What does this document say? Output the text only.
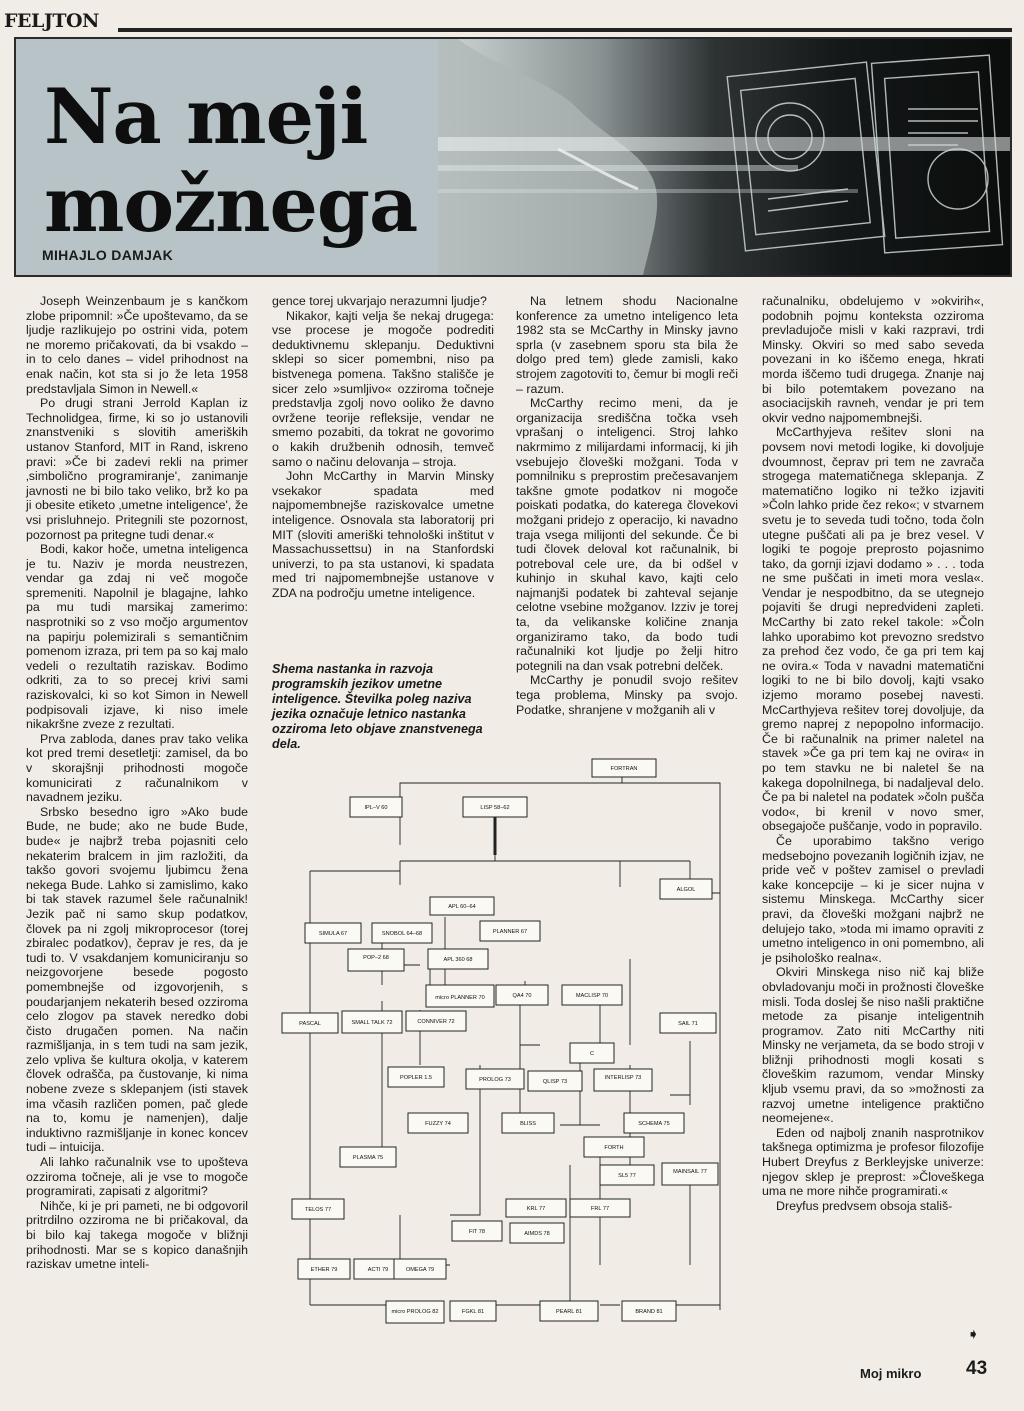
FELJTON
Na meji
možnega
MIHAJLO DAMJAK

Joseph Weinzenbaum je s kančkom zlobe pripomnil: »Če upoštevamo, da se ljudje razlikujejo po ostrini vida, potem ne moremo pričakovati, da bi vsakdo – in to celo danes – videl prihodnost na enak način, kot sta si jo že leta 1958 predstavljala Simon in Newell.«

Po drugi strani Jerrold Kaplan iz Technolidgea, firme, ki so jo ustanovili znanstveniki s slovitih ameriških ustanov Stanford, MIT in Rand, iskreno pravi: »Če bi zadevi rekli na primer ‚simbolično programiranje', zanimanje javnosti ne bi bilo tako veliko, brž ko pa ji obesite etiketo ‚umetne inteligence', že vsi prisluhnejo. Pritegnili ste pozornost, pozornost pa pritegne tudi denar.«

Bodi, kakor hoče, umetna inteligenca je tu. Naziv je morda neustrezen, vendar ga zdaj ni več mogoče spremeniti. Napolnil je blagajne, lahko pa mu tudi marsikaj zamerimo: nasprotniki so z vso močjo argumentov na papirju polemizirali s semantičnim pomenom izraza, pri tem pa so kaj malo vedeli o rezultatih raziskav. Bodimo odkriti, za to so precej krivi sami raziskovalci, ki so kot Simon in Newell podpisovali izjave, ki niso imele nikakršne zveze z rezultati.

Prva zabloda, danes prav tako velika kot pred tremi desetletji: zamisel, da bo v skorajšnji prihodnosti mogoče komunicirati z računalnikom v navadnem jeziku.

Srbsko besedno igro »Ako bude Bude, ne bude; ako ne bude Bude, bude« je najbrž treba pojasniti celo nekaterim bralcem in jim razložiti, da takšo govori svojemu ljubimcu žena nekega Bude. Lahko si zamislimo, kako bi tak stavek razumel šele računalnik! Jezik pač ni samo skup podatkov, človek pa ni zgolj mikroprocesor (torej zbiralec podatkov), čeprav je res, da je tudi to. V vsakdanjem komuniciranju so neizgovorjene besede pogosto pomembnejše od izgovorjenih, s poudarjanjem nekaterih besed ozziroma celo zlogov pa stavek neredko dobi čisto drugačen pomen. Na način razmišljanja, in s tem tudi na sam jezik, zelo vpliva še kultura okolja, v katerem človek odrašča, pa čustovanje, ki nima nobene zveze s sklepanjem (isti stavek ima včasih različen pomen, pač glede na to, komu je namenjen), dalje induktivno razmišljanje in konec koncev tudi – intuicija.

Ali lahko računalnik vse to upošteva ozziroma točneje, ali je vse to mogoče programirati, zapisati z algoritmi?

Nihče, ki je pri pameti, ne bi odgovoril pritrdilno ozziroma ne bi pričakoval, da bi bilo kaj takega mogoče v bližnji prihodnosti. Mar se s kopico današnjih raziskav umetne inteli-

gence torej ukvarjajo nerazumni ljudje?

Nikakor, kajti velja še nekaj drugega: vse procese je mogoče podrediti deduktivnemu sklepanju. Deduktivni sklepi so sicer pomembni, niso pa bistvenega pomena. Takšno stališče je sicer zelo »sumljivo« ozziroma točneje predstavlja zgolj novo ooliko že davno ovržene teorije refleksije, vendar ne smemo pozabiti, da tokrat ne govorimo o kakih družbenih odnosih, temveč samo o načinu delovanja – stroja.

John McCarthy in Marvin Minsky vsekakor spadata med najpomembnejše raziskovalce umetne inteligence. Osnovala sta laboratorij pri MIT (sloviti ameriški tehnološki inštitut v Massachussettsu) in na Stanfordski univerzi, to pa sta ustanovi, ki spadata med tri najpomembnejše ustanove v ZDA na področju umetne inteligence.

Shema nastanka in razvoja programskih jezikov umetne inteligence. Številka poleg naziva jezika označuje letnico nastanka ozziroma leto objave znanstvenega dela.

Na letnem shodu Nacionalne konference za umetno inteligenco leta 1982 sta se McCarthy in Minsky javno sprla (v zasebnem sporu sta bila že dolgo pred tem) glede zamisli, kako strojem zagotoviti to, čemur bi mogli reči – razum.

McCarthy recimo meni, da je organizacija središčna točka vseh vprašanj o inteligenci. Stroj lahko nakrmimo z milijardami informacij, ki jih vsebujejo človeški možgani. Toda v pomnilniku s preprostim prečesavanjem takšne gmote podatkov ni mogoče poiskati podatka, do katerega človekovi možgani pridejo z operacijo, ki navadno traja vsega milijonti del sekunde. Če bi tudi človek deloval kot računalnik, bi potreboval cele ure, da bi odšel v kuhinjo in skuhal kavo, kajti celo najmanjši podatek bi zahteval sejanje celotne vsebine možganov. Izziv je torej ta, da velikanske količine znanja organiziramo tako, da bodo tudi računalniki kot ljudje po želji hitro potegnili na dan vsak potrebni delček.

McCarthy je ponudil svojo rešitev tega problema, Minsky pa svojo. Podatke, shranjene v možganih ali v

računalniku, obdelujemo v »okvirih«, podobnih pojmu konteksta ozziroma prevladujoče misli v kaki razpravi, trdi Minsky. Okviri so med sabo seveda povezani in ko iščemo enega, hkrati morda iščemo tudi drugega. Znanje naj bi bilo potemtakem povezano na asociacijskih ravneh, vendar je pri tem okvir vedno najpomembnejši.

McCarthyjeva rešitev sloni na povsem novi metodi logike, ki dovoljuje dvoumnost, čeprav pri tem ne zavrača strogega matematičnega sklepanja. Z matematično logiko ni težko izjaviti »Čoln lahko pride čez reko«; v stvarnem svetu je to seveda tudi točno, toda čoln utegne puščati ali pa je brez vesel. V logiki te pogoje preprosto pojasnimo tako, da gornji izjavi dodamo » . . . toda ne sme puščati in imeti mora vesla«. Vendar je nespodbitno, da se utegnejo pojaviti še drugi nepredvideni zapleti. McCarthy bi zato rekel takole: »Čoln lahko uporabimo kot prevozno sredstvo za prehod čez vodo, če ga pri tem kaj ne ovira.« Toda v navadni matematični logiki to ne bi bilo dovolj, kajti vsako izjemo moramo posebej navesti. McCarthyjeva rešitev torej dovoljuje, da gremo naprej z nepopolno informacijo. Če bi računalnik na primer naletel na stavek »Če ga pri tem kaj ne ovira« in po tem stavku ne bi naletel še na kakega dopolnilnega, bi nadaljeval delo. Če pa bi naletel na podatek »čoln pušča vodo«, bi krenil v novo smer, obsegajoče puščanje, vodo in popravilo.

Če uporabimo takšno verigo medsebojno povezanih logičnih izjav, ne pride več v poštev zamisel o prevladi kake koncepcije – ki je sicer nujna v sistemu Minskega. McCarthy sicer pravi, da človeški možgani najbrž ne delujejo tako, »toda mi imamo opraviti z umetno inteligenco in oni pomembno, ali je psihološko realna«.

Okviri Minskega niso nič kaj bliže obvladovanju moči in prožnosti človeške misli. Toda doslej še niso našli praktične metode za pisanje inteligentnih programov. Zato niti McCarthy niti Minsky ne verjameta, da se bodo stroji v bližnji prihodnosti mogli kosati s človeškim razumom, vendar Minsky kljub vsemu pravi, da so »možnosti za razvoj umetne inteligence praktično neomejene«.

Eden od najbolj znanih nasprotnikov takšnega optimizma je profesor filozofije Hubert Dreyfus z Berkleyjske univerze: njegov sklep je preprost: »Človeškega uma ne more nihče programirati.«

Dreyfus predvsem obsoja stališ-

FORTRAN
IPL–V 60	LISP 58–62
ALGOL
APL 60–64
SIMULA 67	SNOBOL 64–68	PLANNER 67
POP–2 68	APL 360 68
micro PLANNER 70	QA4 70	MACLISP 70
PASCAL	SMALL TALK 72	CONNIVER 72	SAIL 71
C
POPLER 1.5	PROLOG 73	QLISP 73
INTERLISP 73
FUZZY 74	BLISS	SCHEMA 75
FORTH
PLASMA 75
SL5 77
MAINSAIL 77
TELOS 77	KRL 77	FRL 77
FIT 78	AIMDS 78
ETHER 79	ACTI 79	OMEGA 79
micro PROLOG 82	FGKL 81	PEARL 81	BRAND 81
➧
Moj mikro 43
